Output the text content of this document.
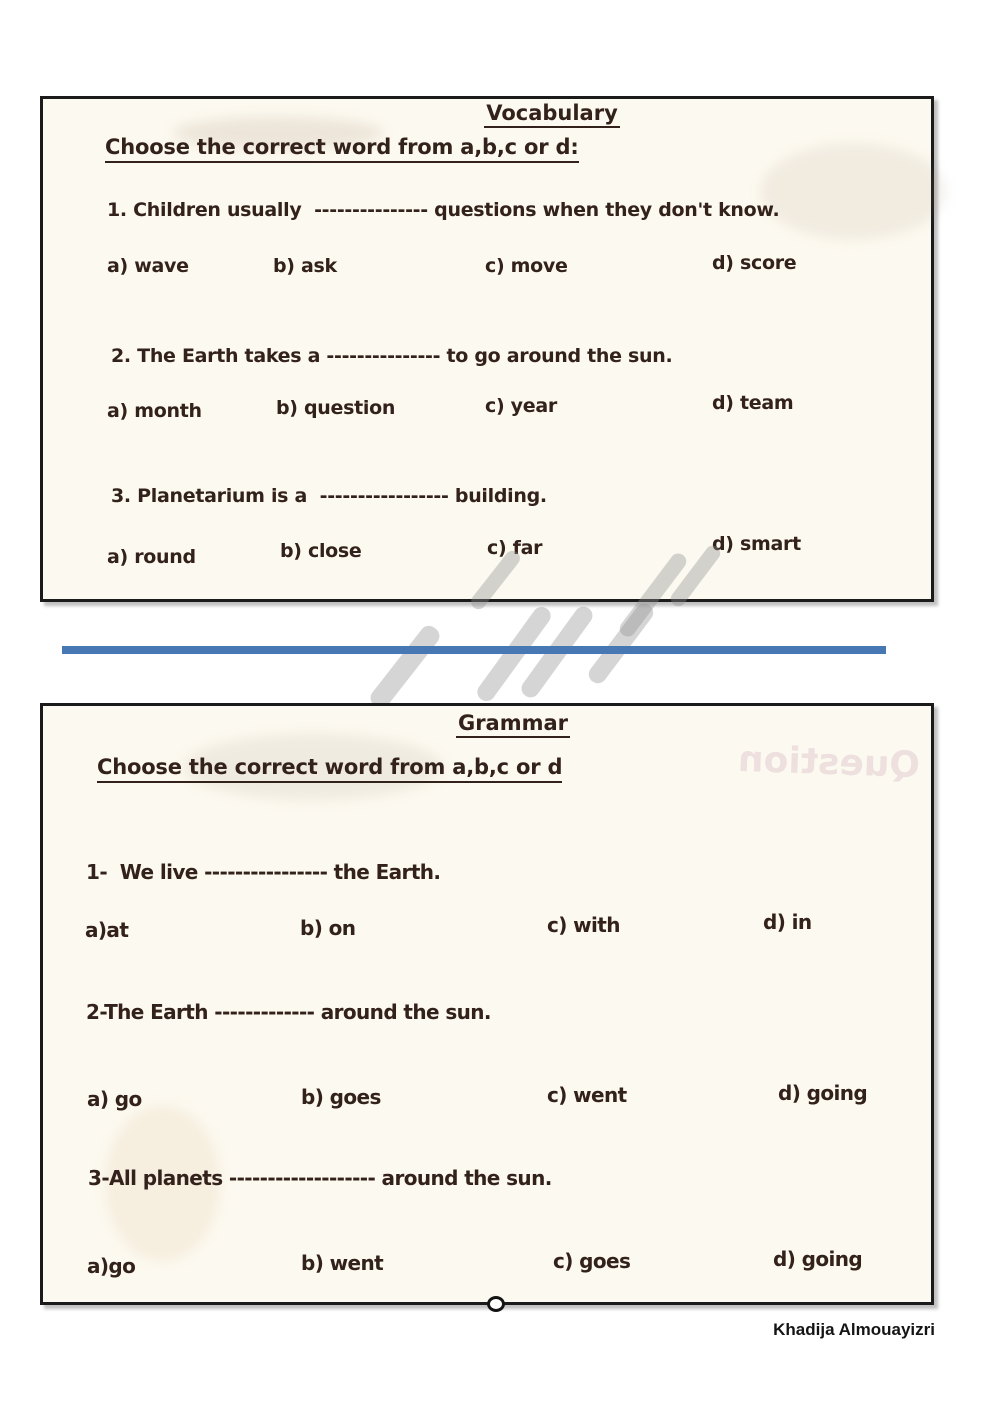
Vocabulary
Choose the correct word from a,b,c or d:
1. Children usually  --------------- questions when they don't know.
a) wave	b) ask	c) move	d) score
2. The Earth takes a --------------- to go around the sun.
a) month	b) question	c) year	d) team
3. Planetarium is a  ----------------- building.
a) round	b) close	c) far	d) smart
Question
Grammar
Choose the correct word from a,b,c or d
1-  We live ---------------- the Earth.
a)at	b) on	c) with	d) in
2-The Earth ------------- around the sun.
a) go	b) goes	c) went	d) going
3-All planets ------------------- around the sun.
a)go	b) went	c) goes	d) going
Khadija Almouayizri
